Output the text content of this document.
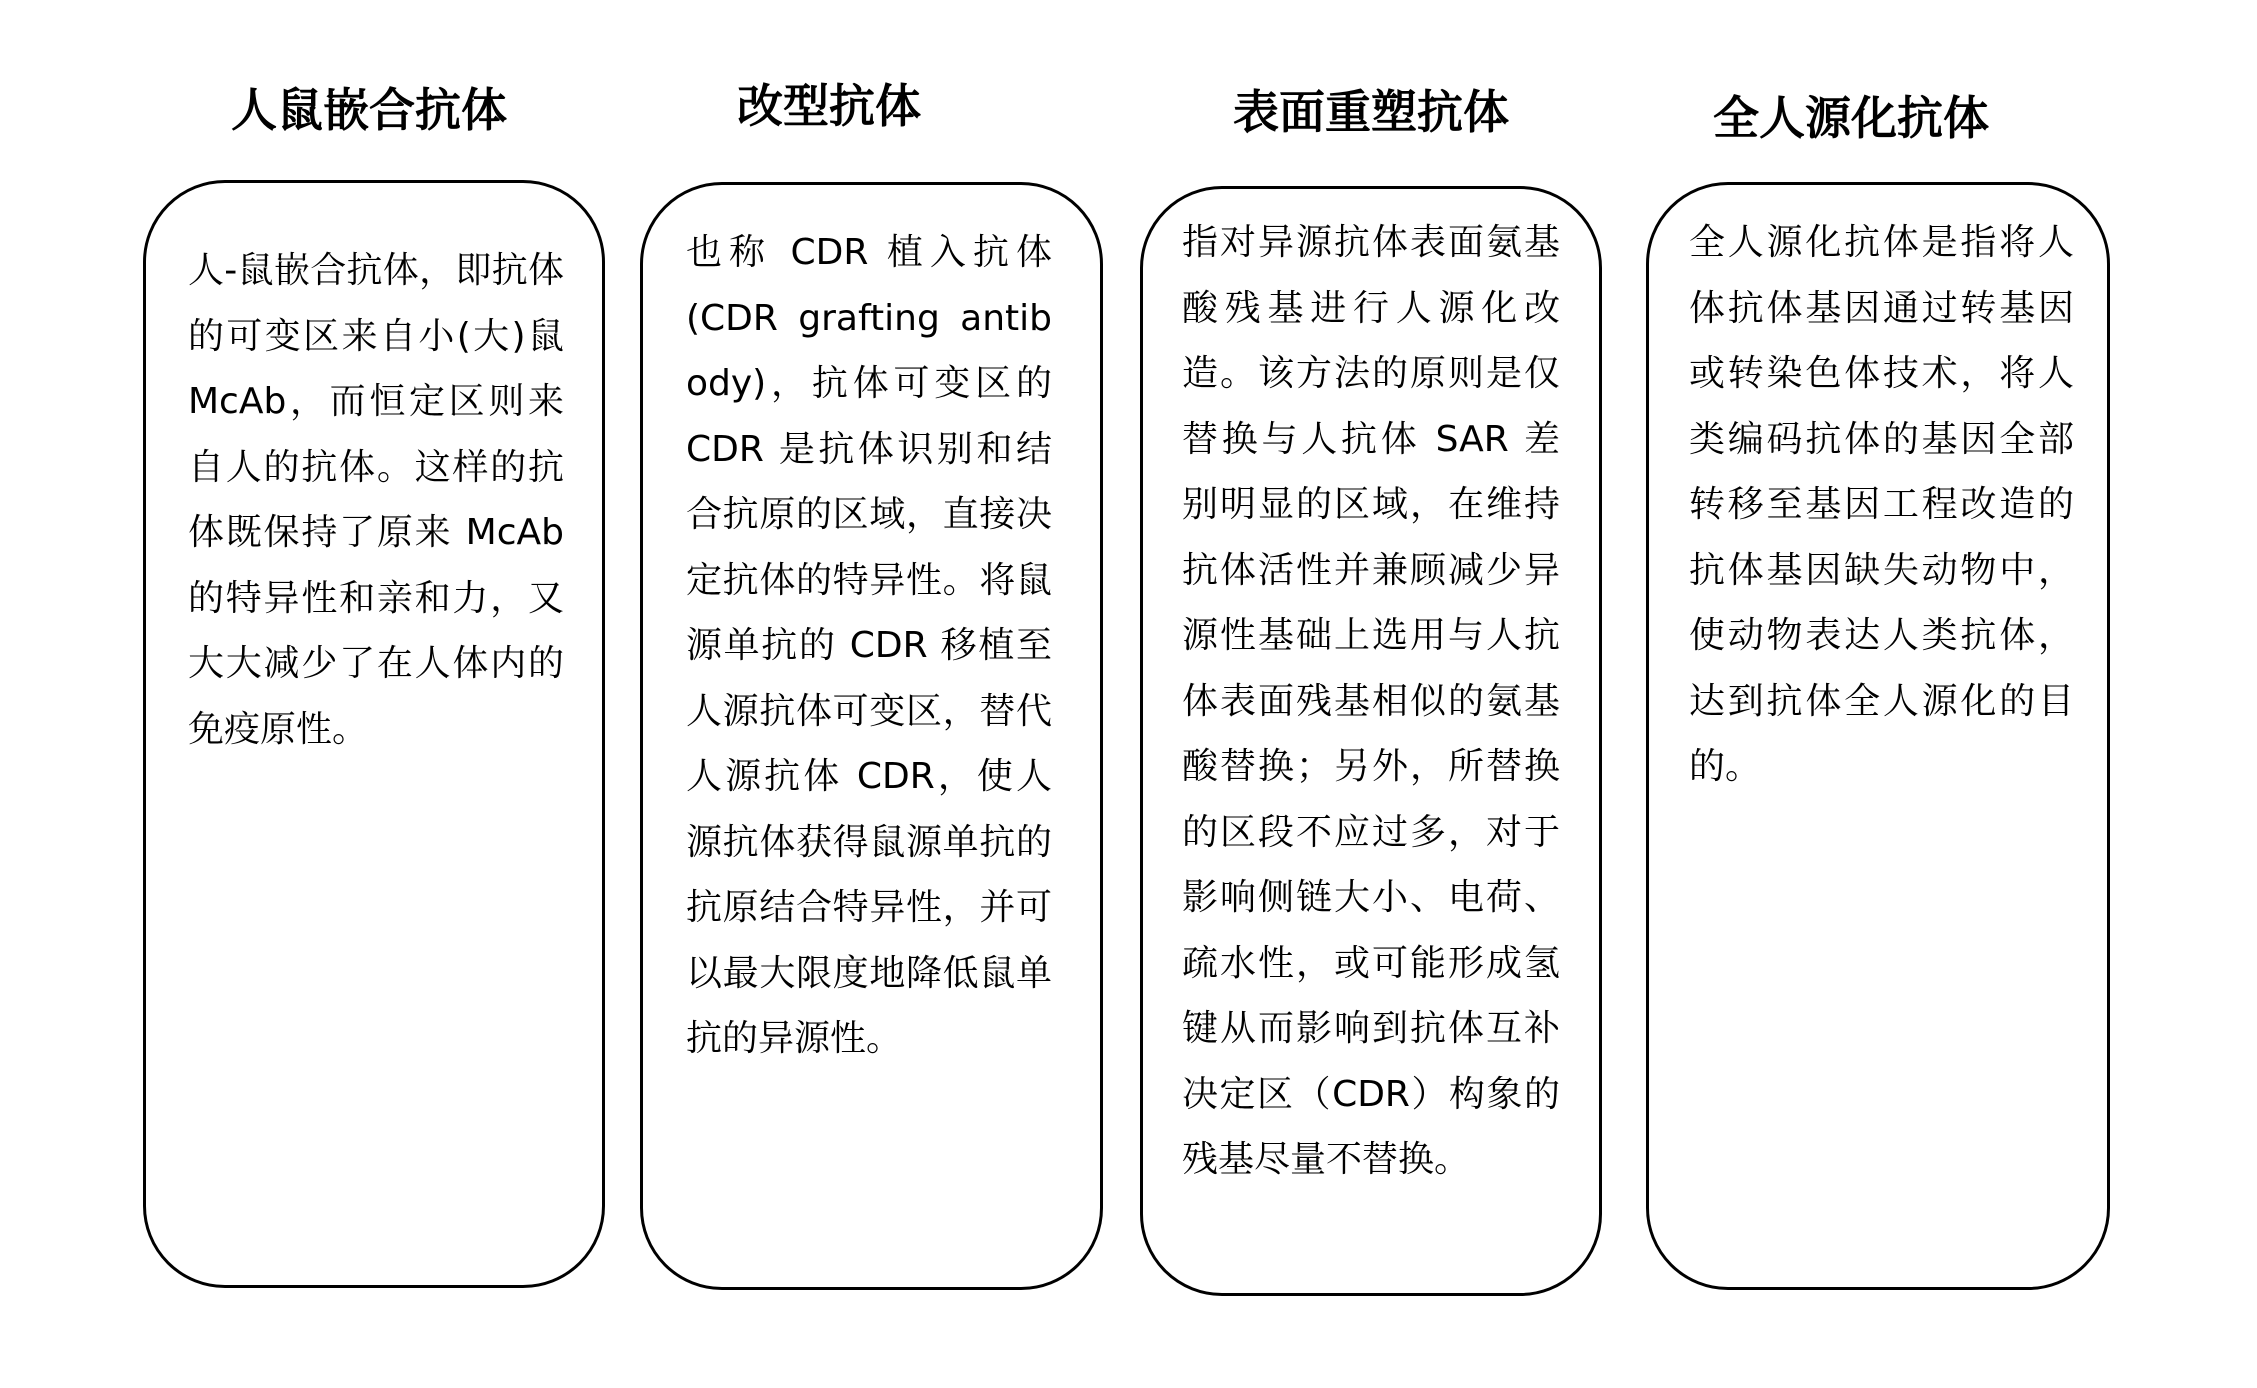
人鼠嵌合抗体
人-鼠嵌合抗体，即抗体的可变区来自小(大)鼠 McAb，而恒定区则来自人的抗体。这样的抗体既保持了原来 McAb 的特异性和亲和力，又大大减少了在人体内的免疫原性。
改型抗体
也称 CDR 植入抗体 (CDR grafting antibody)，抗体可变区的 CDR 是抗体识别和结合抗原的区域，直接决定抗体的特异性。将鼠源单抗的 CDR 移植至人源抗体可变区，替代人源抗体 CDR，使人源抗体获得鼠源单抗的抗原结合特异性，并可以最大限度地降低鼠单抗的异源性。
表面重塑抗体
指对异源抗体表面氨基酸残基进行人源化改造。该方法的原则是仅替换与人抗体 SAR 差别明显的区域，在维持抗体活性并兼顾减少异源性基础上选用与人抗体表面残基相似的氨基酸替换；另外，所替换的区段不应过多，对于影响侧链大小、电荷、疏水性，或可能形成氢键从而影响到抗体互补决定区（CDR）构象的残基尽量不替换。
全人源化抗体
全人源化抗体是指将人体抗体基因通过转基因或转染色体技术，将人类编码抗体的基因全部转移至基因工程改造的抗体基因缺失动物中，使动物表达人类抗体，达到抗体全人源化的目的。
